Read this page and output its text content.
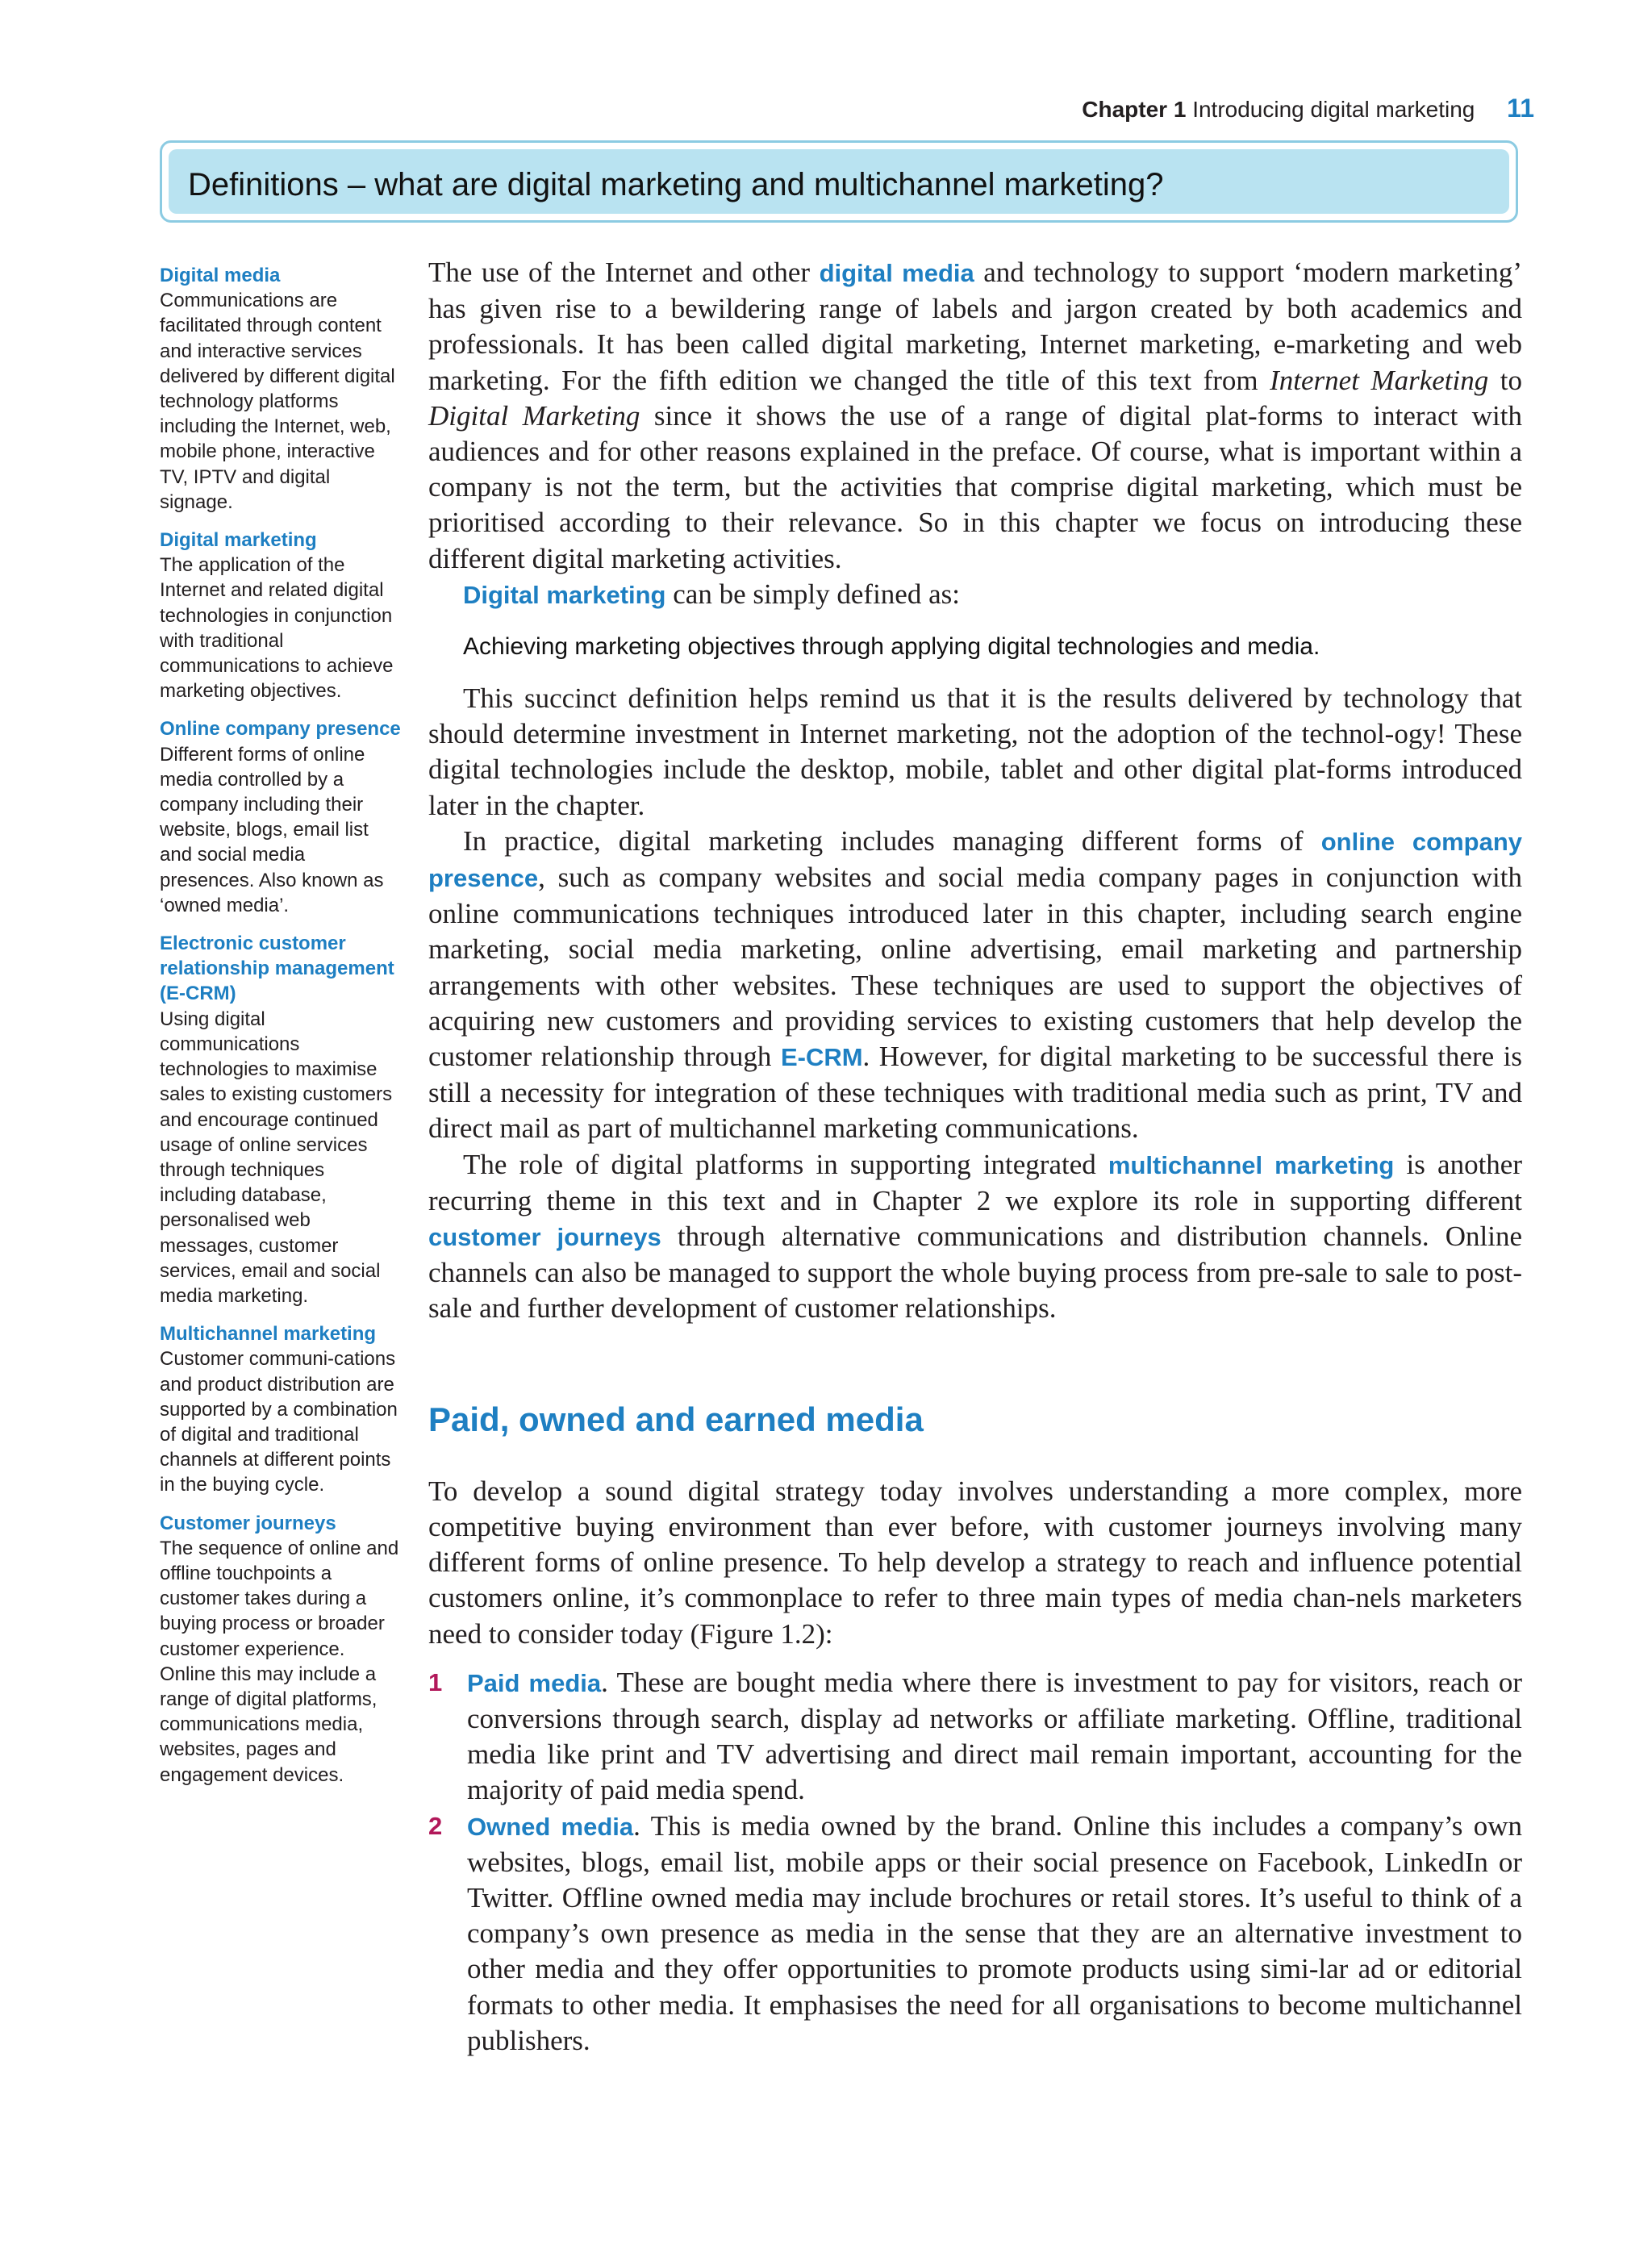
Chapter 1 Introducing digital marketing 11
Definitions – what are digital marketing and multichannel marketing?
Digital media
Communications are facilitated through content and interactive services delivered by different digital technology platforms including the Internet, web, mobile phone, interactive TV, IPTV and digital signage.
Digital marketing
The application of the Internet and related digital technologies in conjunction with traditional communications to achieve marketing objectives.
Online company presence
Different forms of online media controlled by a company including their website, blogs, email list and social media presences. Also known as ‘owned media’.
Electronic customer relationship management (E-CRM)
Using digital communications technologies to maximise sales to existing customers and encourage continued usage of online services through techniques including database, personalised web messages, customer services, email and social media marketing.
Multichannel marketing
Customer communi-cations and product distribution are supported by a combination of digital and traditional channels at different points in the buying cycle.
Customer journeys
The sequence of online and offline touchpoints a customer takes during a buying process or broader customer experience. Online this may include a range of digital platforms, communications media, websites, pages and engagement devices.

The use of the Internet and other digital media and technology to support ‘modern marketing’ has given rise to a bewildering range of labels and jargon created by both academics and professionals. It has been called digital marketing, Internet marketing, e-marketing and web marketing. For the fifth edition we changed the title of this text from Internet Marketing to Digital Marketing since it shows the use of a range of digital plat-forms to interact with audiences and for other reasons explained in the preface. Of course, what is important within a company is not the term, but the activities that comprise digital marketing, which must be prioritised according to their relevance. So in this chapter we focus on introducing these different digital marketing activities.

Digital marketing can be simply defined as:

Achieving marketing objectives through applying digital technologies and media.

This succinct definition helps remind us that it is the results delivered by technology that should determine investment in Internet marketing, not the adoption of the technol-ogy! These digital technologies include the desktop, mobile, tablet and other digital plat-forms introduced later in the chapter.

In practice, digital marketing includes managing different forms of online company presence, such as company websites and social media company pages in conjunction with online communications techniques introduced later in this chapter, including search engine marketing, social media marketing, online advertising, email marketing and partnership arrangements with other websites. These techniques are used to support the objectives of acquiring new customers and providing services to existing customers that help develop the customer relationship through E-CRM. However, for digital marketing to be successful there is still a necessity for integration of these techniques with traditional media such as print, TV and direct mail as part of multichannel marketing communications.

The role of digital platforms in supporting integrated multichannel marketing is another recurring theme in this text and in Chapter 2 we explore its role in supporting different customer journeys through alternative communications and distribution channels. Online channels can also be managed to support the whole buying process from pre-sale to sale to post-sale and further development of customer relationships.

Paid, owned and earned media

To develop a sound digital strategy today involves understanding a more complex, more competitive buying environment than ever before, with customer journeys involving many different forms of online presence. To help develop a strategy to reach and influence potential customers online, it’s commonplace to refer to three main types of media chan-nels marketers need to consider today (Figure 1.2):

1 Paid media. These are bought media where there is investment to pay for visitors, reach or conversions through search, display ad networks or affiliate marketing. Offline, traditional media like print and TV advertising and direct mail remain important, accounting for the majority of paid media spend.
2 Owned media. This is media owned by the brand. Online this includes a company’s own websites, blogs, email list, mobile apps or their social presence on Facebook, LinkedIn or Twitter. Offline owned media may include brochures or retail stores. It’s useful to think of a company’s own presence as media in the sense that they are an alternative investment to other media and they offer opportunities to promote products using simi-lar ad or editorial formats to other media. It emphasises the need for all organisations to become multichannel publishers.
